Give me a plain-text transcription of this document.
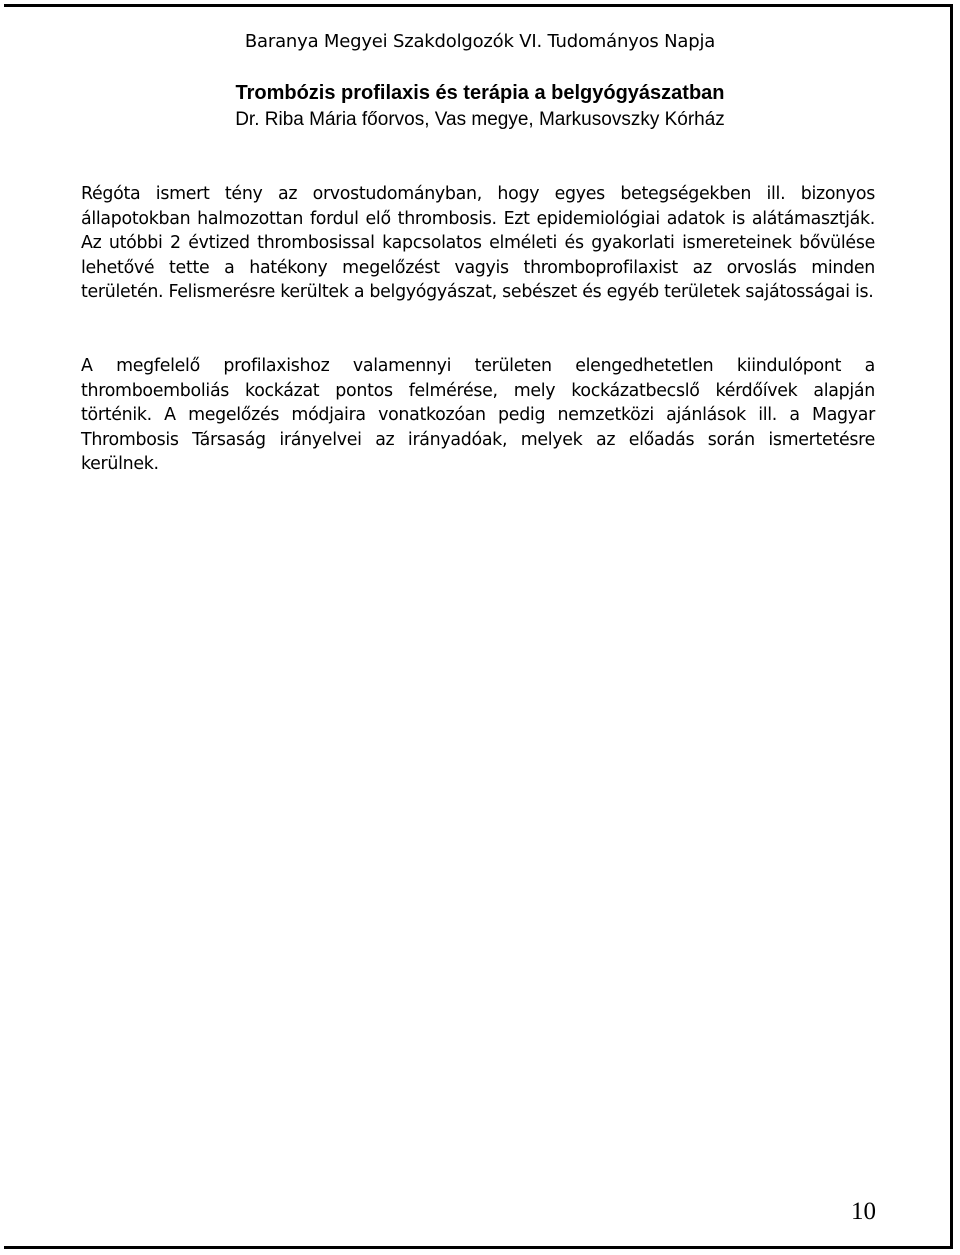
Baranya Megyei Szakdolgozók VI. Tudományos Napja
Trombózis profilaxis és terápia a belgyógyászatban
Dr. Riba Mária főorvos, Vas megye, Markusovszky Kórház
Régóta ismert tény az orvostudományban, hogy egyes betegségekben ill. bizonyos állapotokban halmozottan fordul elő thrombosis. Ezt epidemiológiai adatok is alátámasztják. Az utóbbi 2 évtized thrombosissal kapcsolatos elméleti és gyakorlati ismereteinek bővülése lehetővé tette a hatékony megelőzést vagyis thromboprofilaxist az orvoslás minden területén. Felismerésre kerültek a belgyógyászat, sebészet és egyéb területek sajátosságai is.
A megfelelő profilaxishoz valamennyi területen elengedhetetlen kiindulópont a thromboemboliás kockázat pontos felmérése, mely kockázatbecslő kérdőívek alapján történik. A megelőzés módjaira vonatkozóan pedig nemzetközi ajánlások ill. a Magyar Thrombosis Társaság irányelvei az irányadóak, melyek az előadás során ismertetésre kerülnek.
10
